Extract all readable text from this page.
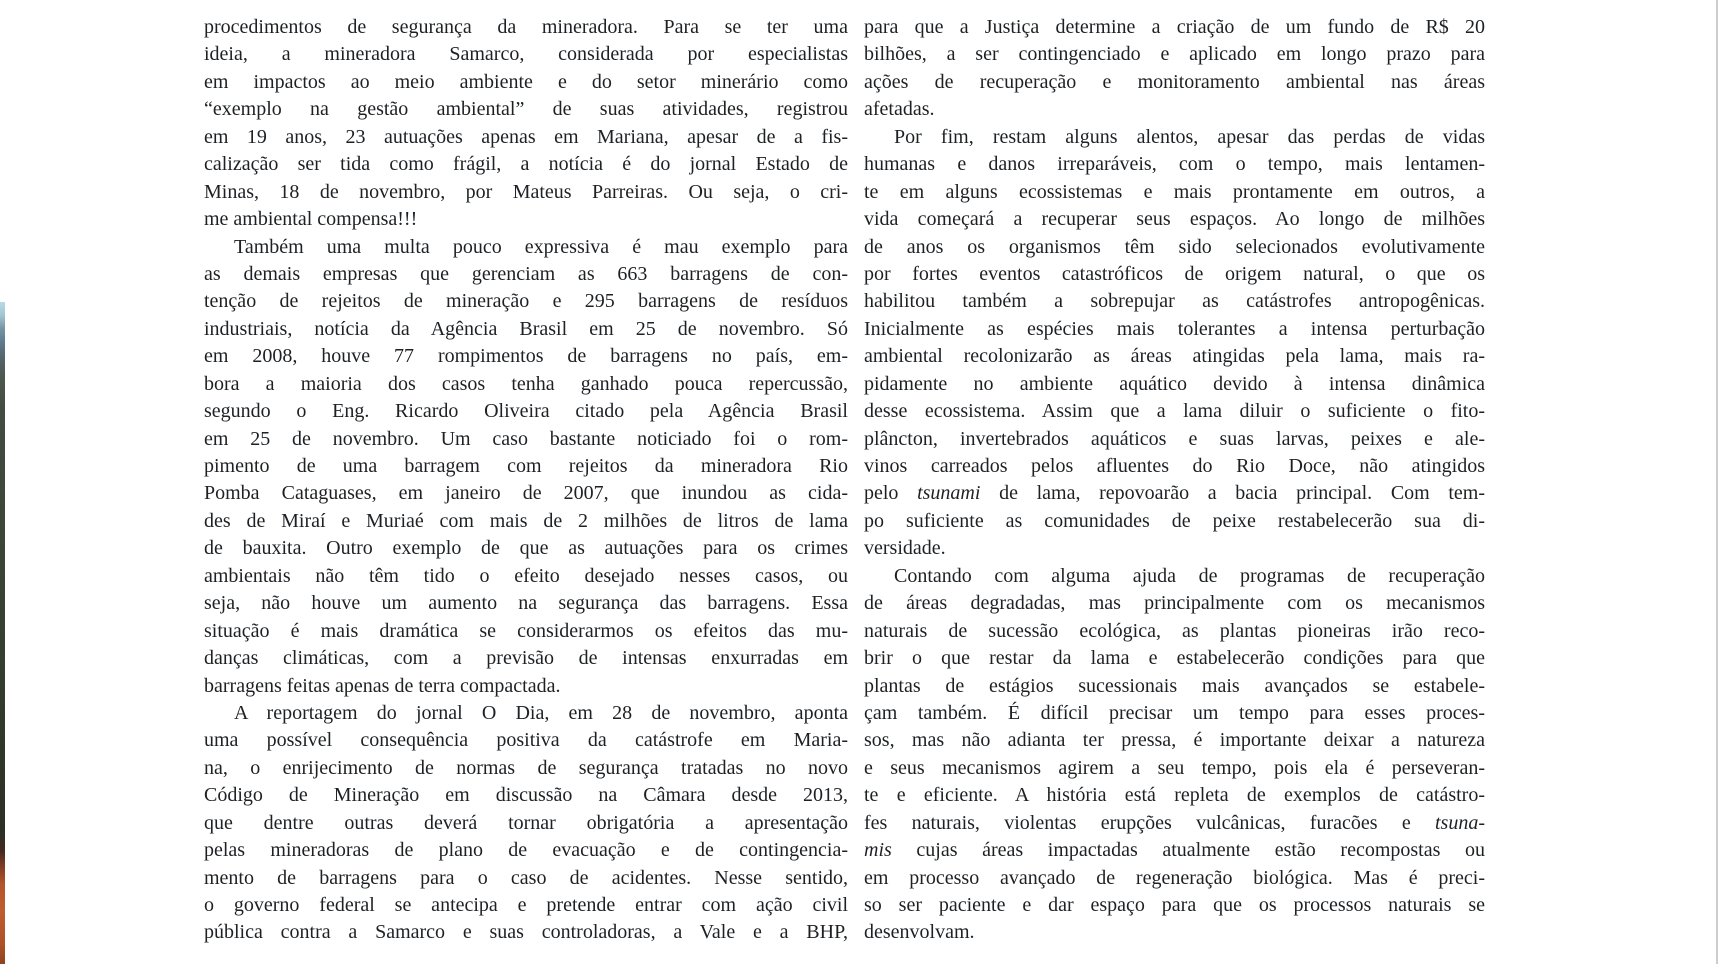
procedimentos de segurança da mineradora. Para se ter uma
ideia, a mineradora Samarco, considerada por especialistas
em impactos ao meio ambiente e do setor minerário como
“exemplo na gestão ambiental” de suas atividades, registrou
em 19 anos, 23 autuações apenas em Mariana, apesar de a fis-
calização ser tida como frágil, a notícia é do jornal Estado de
Minas, 18 de novembro, por Mateus Parreiras. Ou seja, o cri-
me ambiental compensa!!!
Também uma multa pouco expressiva é mau exemplo para
as demais empresas que gerenciam as 663 barragens de con-
tenção de rejeitos de mineração e 295 barragens de resíduos
industriais, notícia da Agência Brasil em 25 de novembro. Só
em 2008, houve 77 rompimentos de barragens no país, em-
bora a maioria dos casos tenha ganhado pouca repercussão,
segundo o Eng. Ricardo Oliveira citado pela Agência Brasil
em 25 de novembro. Um caso bastante noticiado foi o rom-
pimento de uma barragem com rejeitos da mineradora Rio
Pomba Cataguases, em janeiro de 2007, que inundou as cida-
des de Miraí e Muriaé com mais de 2 milhões de litros de lama
de bauxita. Outro exemplo de que as autuações para os crimes
ambientais não têm tido o efeito desejado nesses casos, ou
seja, não houve um aumento na segurança das barragens. Essa
situação é mais dramática se considerarmos os efeitos das mu-
danças climáticas, com a previsão de intensas enxurradas em
barragens feitas apenas de terra compactada.
A reportagem do jornal O Dia, em 28 de novembro, aponta
uma possível consequência positiva da catástrofe em Maria-
na, o enrijecimento de normas de segurança tratadas no novo
Código de Mineração em discussão na Câmara desde 2013,
que dentre outras deverá tornar obrigatória a apresentação
pelas mineradoras de plano de evacuação e de contingencia-
mento de barragens para o caso de acidentes. Nesse sentido,
o governo federal se antecipa e pretende entrar com ação civil
pública contra a Samarco e suas controladoras, a Vale e a BHP,
para que a Justiça determine a criação de um fundo de R$ 20
bilhões, a ser contingenciado e aplicado em longo prazo para
ações de recuperação e monitoramento ambiental nas áreas
afetadas.
Por fim, restam alguns alentos, apesar das perdas de vidas
humanas e danos irreparáveis, com o tempo, mais lentamen-
te em alguns ecossistemas e mais prontamente em outros, a
vida começará a recuperar seus espaços. Ao longo de milhões
de anos os organismos têm sido selecionados evolutivamente
por fortes eventos catastróficos de origem natural, o que os
habilitou também a sobrepujar as catástrofes antropogênicas.
Inicialmente as espécies mais tolerantes a intensa perturbação
ambiental recolonizarão as áreas atingidas pela lama, mais ra-
pidamente no ambiente aquático devido à intensa dinâmica
desse ecossistema. Assim que a lama diluir o suficiente o fito-
plâncton, invertebrados aquáticos e suas larvas, peixes e ale-
vinos carreados pelos afluentes do Rio Doce, não atingidos
pelo tsunami de lama, repovoarão a bacia principal. Com tem-
po suficiente as comunidades de peixe restabelecerão sua di-
versidade.
Contando com alguma ajuda de programas de recuperação
de áreas degradadas, mas principalmente com os mecanismos
naturais de sucessão ecológica, as plantas pioneiras irão reco-
brir o que restar da lama e estabelecerão condições para que
plantas de estágios sucessionais mais avançados se estabele-
çam também. É difícil precisar um tempo para esses proces-
sos, mas não adianta ter pressa, é importante deixar a natureza
e seus mecanismos agirem a seu tempo, pois ela é perseveran-
te e eficiente. A história está repleta de exemplos de catástro-
fes naturais, violentas erupções vulcânicas, furacões e tsuna-
mis cujas áreas impactadas atualmente estão recompostas ou
em processo avançado de regeneração biológica. Mas é preci-
so ser paciente e dar espaço para que os processos naturais se
desenvolvam.
